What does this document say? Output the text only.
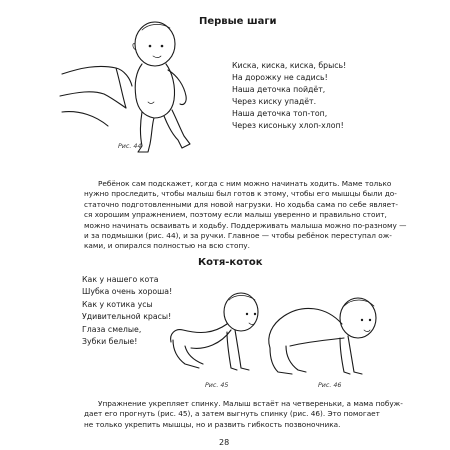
Первые шаги
Рис. 44
Киска, киска, киска, брысь!
На дорожку не садись!
Наша деточка пойдёт,
Через киску упадёт.
Наша деточка топ-топ,
Через кисоньку хлоп-хлоп!
Ребёнок сам подскажет, когда с ним можно начинать ходить. Маме только
нужно проследить, чтобы малыш был готов к этому, чтобы его мышцы были до-
статочно подготовленными для новой нагрузки. Но ходьба сама по себе являет-
ся хорошим упражнением, поэтому если малыш уверенно и правильно стоит,
можно начинать осваивать и ходьбу. Поддерживать малыша можно по-разному —
и за подмышки (рис. 44), и за ручки. Главное — чтобы ребёнок переступал ож-
ками, и опирался полностью на всю стопу.
Котя-коток
Как у нашего кота
Шубка очень хороша!
Как у котика усы
Удивительной красы!
Глаза смелые,
Зубки белые!
Рис. 45	Рис. 46
Упражнение укрепляет спинку. Малыш встаёт на четвереньки, а мама побуж-
дает его прогнуть (рис. 45), а затем выгнуть спинку (рис. 46). Это помогает
не только укрепить мышцы, но и развить гибкость позвоночника.
28
